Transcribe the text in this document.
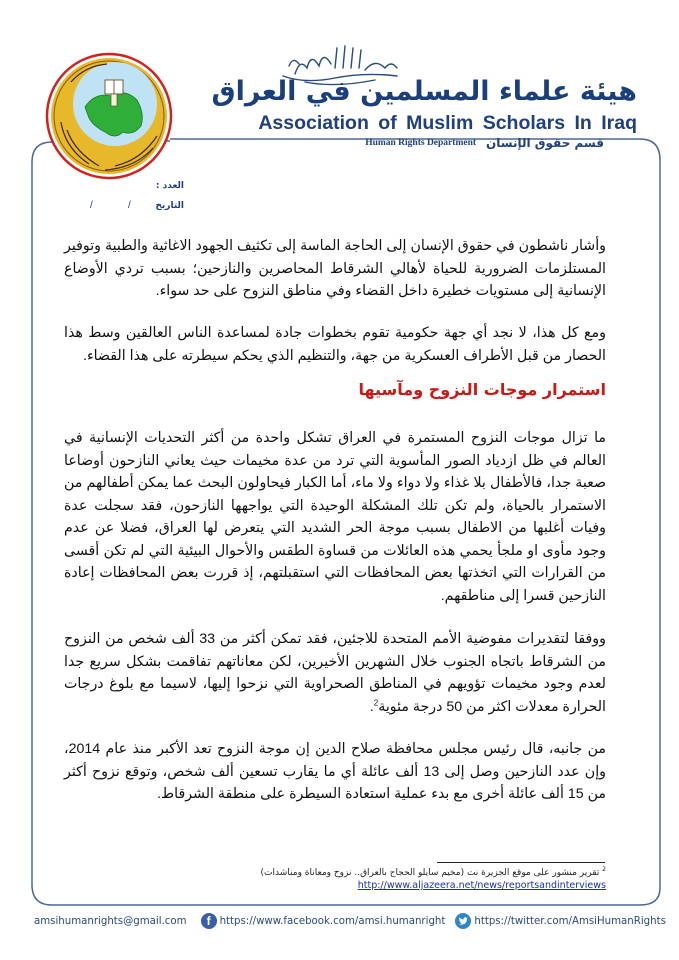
هيئة علماء المسلمين في العراق
Association of Muslim Scholars In Iraq
Human Rights Department قسم حقوق الإنسان
العدد :
التاريخ
/
/
وأشار ناشطون في حقوق الإنسان إلى الحاجة الماسة إلى تكثيف الجهود الاغاثية والطبية وتوفير المستلزمات الضرورية للحياة لأهالي الشرقاط المحاصرين والنازحين؛ بسبب تردي الأوضاع الإنسانية إلى مستويات خطيرة داخل القضاء وفي مناطق النزوح على حد سواء.
ومع كل هذا، لا نجد أي جهة حكومية تقوم بخطوات جادة لمساعدة الناس العالقين وسط هذا الحصار من قبل الأطراف العسكرية من جهة، والتنظيم الذي يحكم سيطرته على هذا القضاء.
استمرار موجات النزوح ومآسيها
ما تزال موجات النزوح المستمرة في العراق تشكل واحدة من أكثر التحديات الإنسانية في العالم في ظل ازدياد الصور المأسوية التي ترد من عدة مخيمات حيث يعاني النازحون أوضاعا صعبة جدا، فالأطفال بلا غذاء ولا دواء ولا ماء، أما الكبار فيحاولون البحث عما يمكن أطفالهم من الاستمرار بالحياة، ولم تكن تلك المشكلة الوحيدة التي يواجهها النازحون، فقد سجلت عدة وفيات أغلبها من الاطفال بسبب موجة الحر الشديد التي يتعرض لها العراق، فضلا عن عدم وجود مأوى او ملجأ يحمي هذه العائلات من قساوة الطقس والأحوال البيئية التي لم تكن أقسى من القرارات التي اتخذتها بعض المحافظات التي استقبلتهم، إذ قررت بعض المحافظات إعادة النازحين قسرا إلى مناطقهم.
ووفقا لتقديرات مفوضية الأمم المتحدة للاجئين، فقد تمكن أكثر من 33 ألف شخص من النزوح من الشرقاط باتجاه الجنوب خلال الشهرين الأخيرين، لكن معاناتهم تفاقمت بشكل سريع جدا لعدم وجود مخيمات تؤويهم في المناطق الصحراوية التي نزحوا إليها، لاسيما مع بلوغ درجات الحرارة معدلات اكثر من 50 درجة مئوية$^2$.
من جانبه، قال رئيس مجلس محافظة صلاح الدين إن موجة النزوح تعد الأكبر منذ عام 2014، وإن عدد النازحين وصل إلى 13 ألف عائلة أي ما يقارب تسعين ألف شخص، وتوقع نزوح أكثر من 15 ألف عائلة أخرى مع بدء عملية استعادة السيطرة على منطقة الشرقاط.
$^2$ تقرير منشور على موقع الجزيرة نت (مخيم سايلو الحجاج بالعراق.. نزوح ومعاناة ومناشدات)
http://www.aljazeera.net/news/reportsandinterviews
amsihumanrights@gmail.com	f https://www.facebook.com/amsi.humanright	https://twitter.com/AmsiHumanRights
